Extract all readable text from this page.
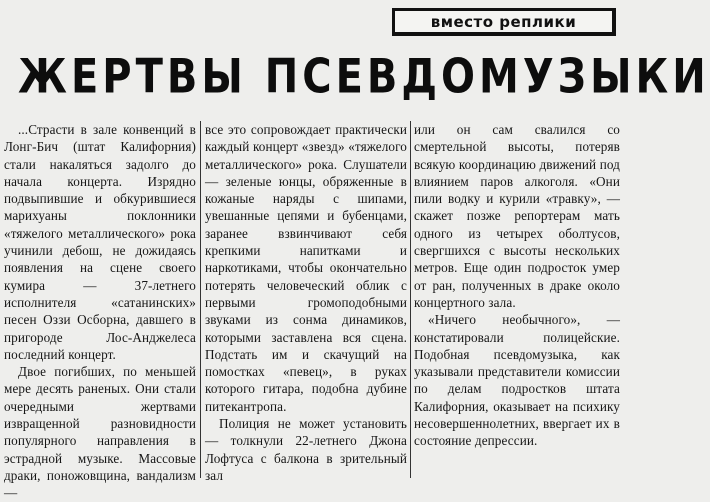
вместо реплики
ЖЕРТВЫ ПСЕВДОМУЗЫКИ

...Страсти в зале конвенций в Лонг-Бич (штат Калифорния) стали накаляться задолго до начала концерта. Изрядно подвыпившие и обкурившиеся марихуаны поклонники «тяжелого металлического» рока учинили дебош, не дожидаясь появления на сцене своего кумира — 37-летнего исполнителя «сатанинских» песен Оззи Осборна, давшего в пригороде Лос-Анджелеса последний концерт.

Двое погибших, по меньшей мере десять раненых. Они стали очередными жертвами извращенной разновидности популярного направления в эстрадной музыке. Массовые драки, поножовщина, вандализм —

все это сопровождает практически каждый концерт «звезд» «тяжелого металлического» рока. Слушатели — зеленые юнцы, обряженные в кожаные наряды с шипами, увешанные цепями и бубенцами, заранее взвинчивают себя крепкими напитками и наркотиками, чтобы окончательно потерять человеческий облик с первыми громоподобными звуками из сонма динамиков, которыми заставлена вся сцена. Подстать им и скачущий на помостках «певец», в руках которого гитара, подобна дубине питекантропа.

Полиция не может установить — толкнули 22-летнего Джона Лофтуса с балкона в зрительный зал

или он сам свалился со смертельной высоты, потеряв всякую координацию движений под влиянием паров алкоголя. «Они пили водку и курили «травку», — скажет позже репортерам мать одного из четырех оболтусов, свергшихся с высоты нескольких метров. Еще один подросток умер от ран, полученных в драке около концертного зала.

«Ничего необычного», — констатировали полицейские. Подобная псевдомузыка, как указывали представители комиссии по делам подростков штата Калифорния, оказывает на психику несовершеннолетних, ввергает их в состояние депрессии.
